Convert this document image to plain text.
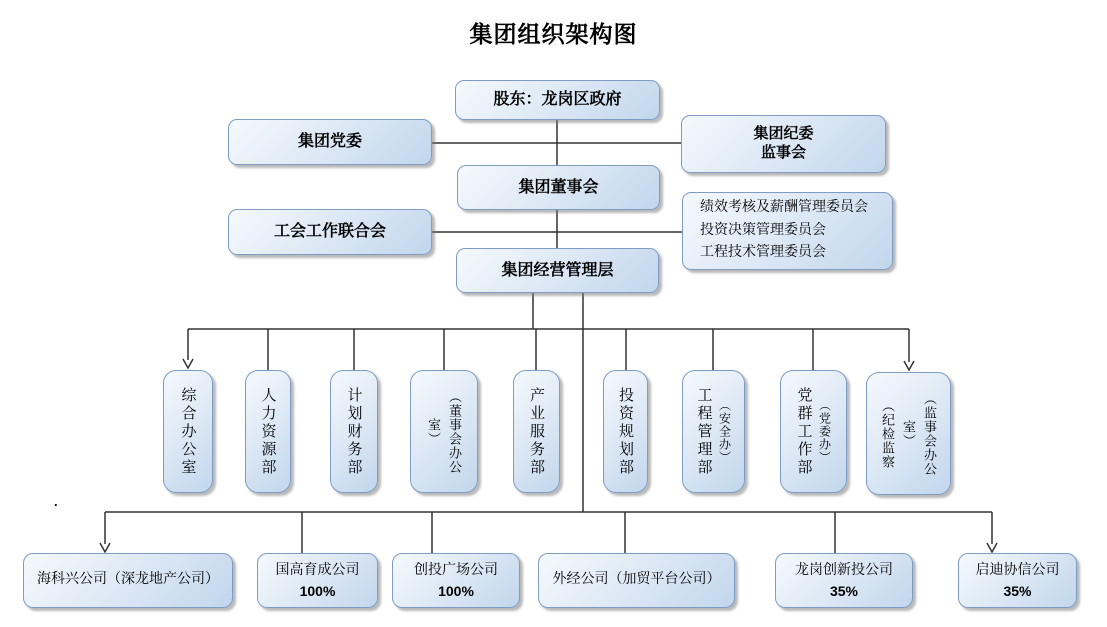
集团组织架构图
股东：龙岗区政府
集团党委	集团纪委
监事会
集团董事会
工会工作联合会
绩效考核及薪酬管理委员会
投资决策管理委员会
工程技术管理委员会
集团经营管理层
综合办公室	人力资源部	计划财务部	室） （董事会办公	产业服务部	投资规划部	工程管理部 （安全办）	党群工作部 （党委办）	（纪检监察 室） （监事会办公
海科兴公司（深龙地产公司）
国高育成公司
100%
创投广场公司
100%
外经公司（加贸平台公司）
龙岗创新投公司
35%
启迪协信公司
35%
.
